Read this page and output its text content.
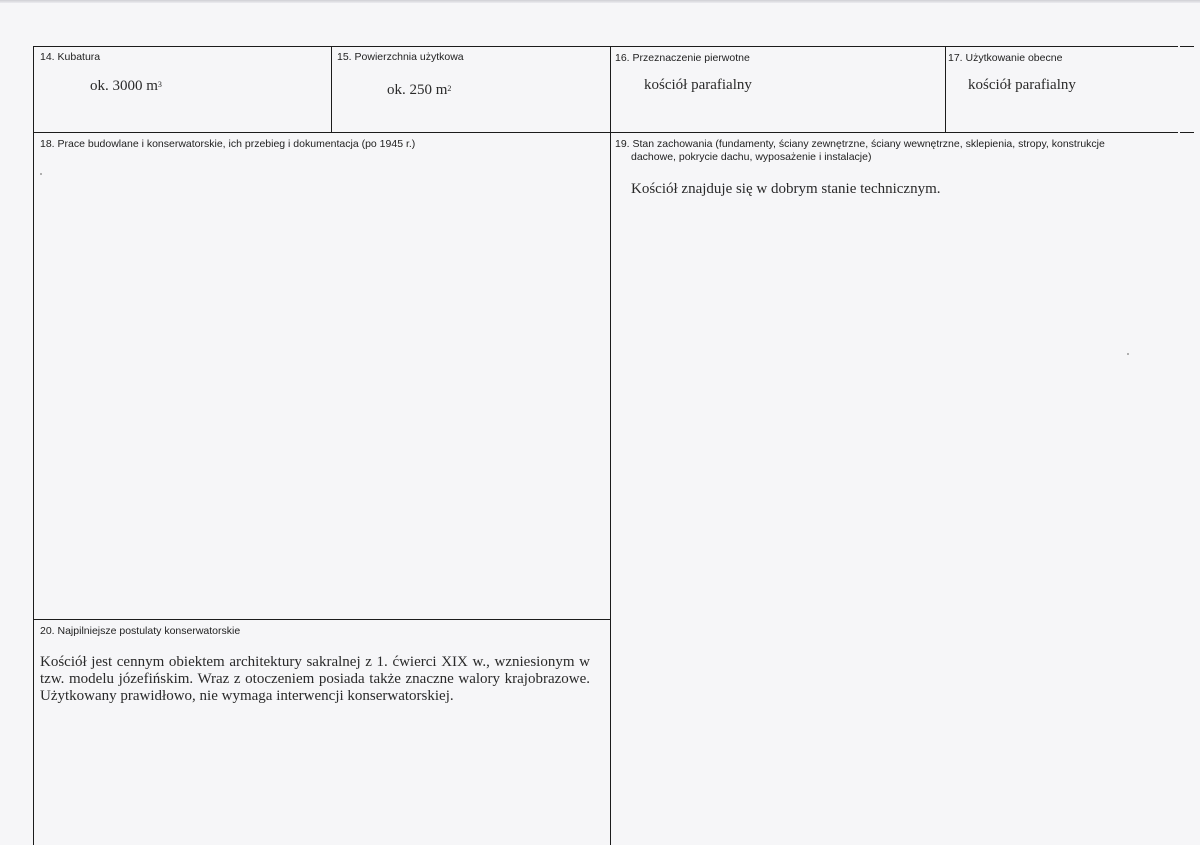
14. Kubatura
ok. 3000 $m^3$
15. Powierzchnia użytkowa
ok. 250 $m^2$
16. Przeznaczenie pierwotne
kościół parafialny
17. Użytkowanie obecne
kościół parafialny
18. Prace budowlane i konserwatorskie, ich przebieg i dokumentacja (po 1945 r.)	19. Stan zachowania (fundamenty, ściany zewnętrzne, ściany wewnętrzne, sklepienia, stropy, konstrukcje
dachowe, pokrycie dachu, wyposażenie i instalacje)
Kościół znajduje się w dobrym stanie technicznym.
20. Najpilniejsze postulaty konserwatorskie
Kościół jest cennym obiektem architektury sakralnej z 1. ćwierci XIX w., wzniesionym w tzw. modelu józefińskim. Wraz z otoczeniem posiada także znaczne walory krajobrazowe. Użytkowany prawidłowo, nie wymaga interwencji konserwatorskiej.
